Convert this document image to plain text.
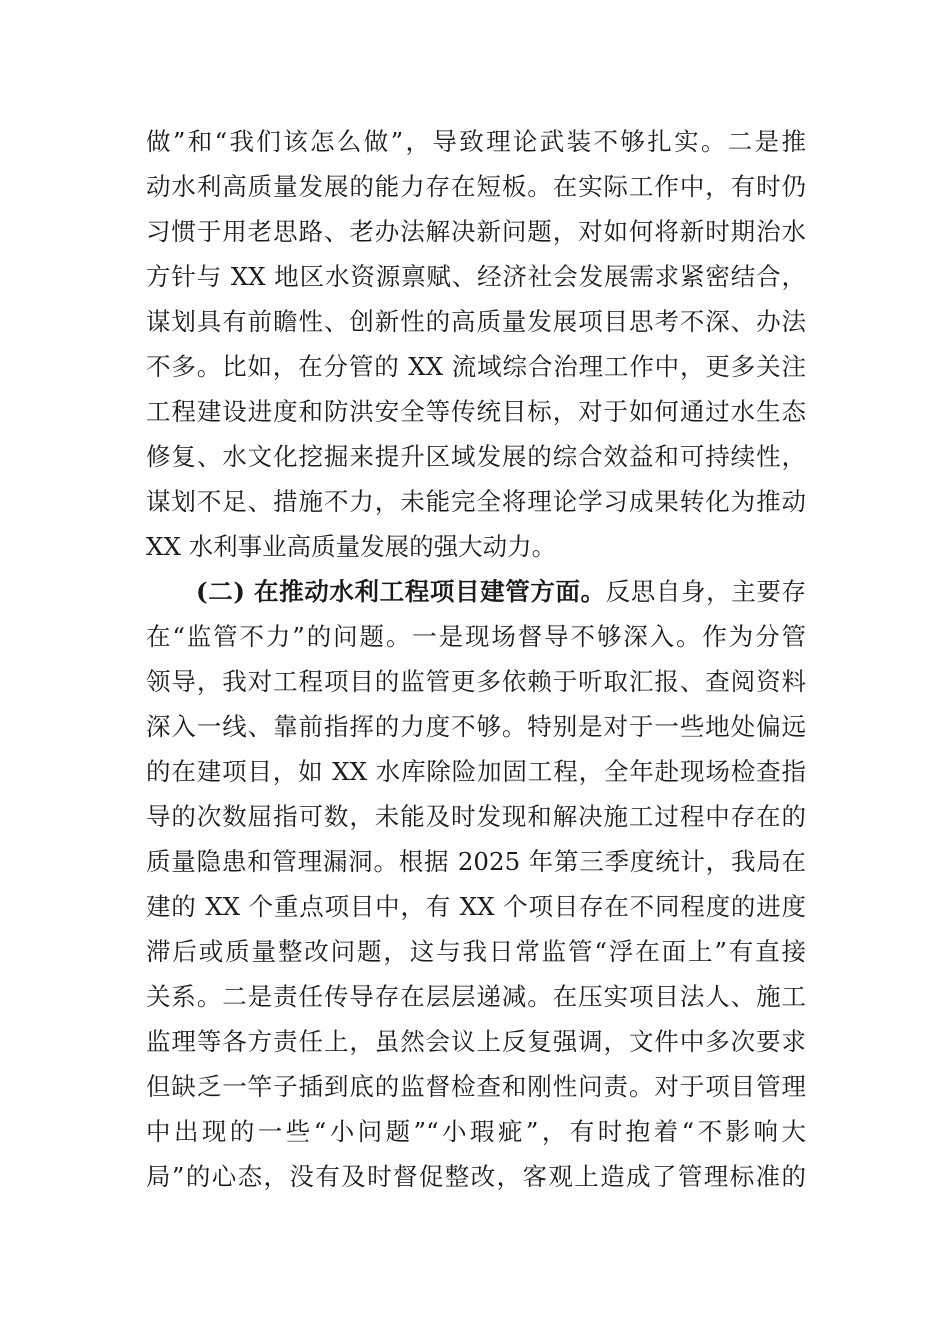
做”和“我们该怎么做”，导致理论武装不够扎实。二是推
动水利高质量发展的能力存在短板。在实际工作中，有时仍
习惯于用老思路、老办法解决新问题，对如何将新时期治水
方针与 XX 地区水资源禀赋、经济社会发展需求紧密结合，
谋划具有前瞻性、创新性的高质量发展项目思考不深、办法
不多。比如，在分管的 XX 流域综合治理工作中，更多关注
工程建设进度和防洪安全等传统目标，对于如何通过水生态
修复、水文化挖掘来提升区域发展的综合效益和可持续性，
谋划不足、措施不力，未能完全将理论学习成果转化为推动
XX 水利事业高质量发展的强大动力。
(二) 在推动水利工程项目建管方面。反思自身，主要存
在“监管不力”的问题。一是现场督导不够深入。作为分管
领导，我对工程项目的监管更多依赖于听取汇报、查阅资料
深入一线、靠前指挥的力度不够。特别是对于一些地处偏远
的在建项目，如 XX 水库除险加固工程，全年赴现场检查指
导的次数屈指可数，未能及时发现和解决施工过程中存在的
质量隐患和管理漏洞。根据 2025 年第三季度统计，我局在
建的 XX 个重点项目中，有 XX 个项目存在不同程度的进度
滞后或质量整改问题，这与我日常监管“浮在面上”有直接
关系。二是责任传导存在层层递减。在压实项目法人、施工
监理等各方责任上，虽然会议上反复强调，文件中多次要求
但缺乏一竿子插到底的监督检查和刚性问责。对于项目管理
中出现的一些“小问题”“小瑕疵”，有时抱着“不影响大
局”的心态，没有及时督促整改，客观上造成了管理标准的
